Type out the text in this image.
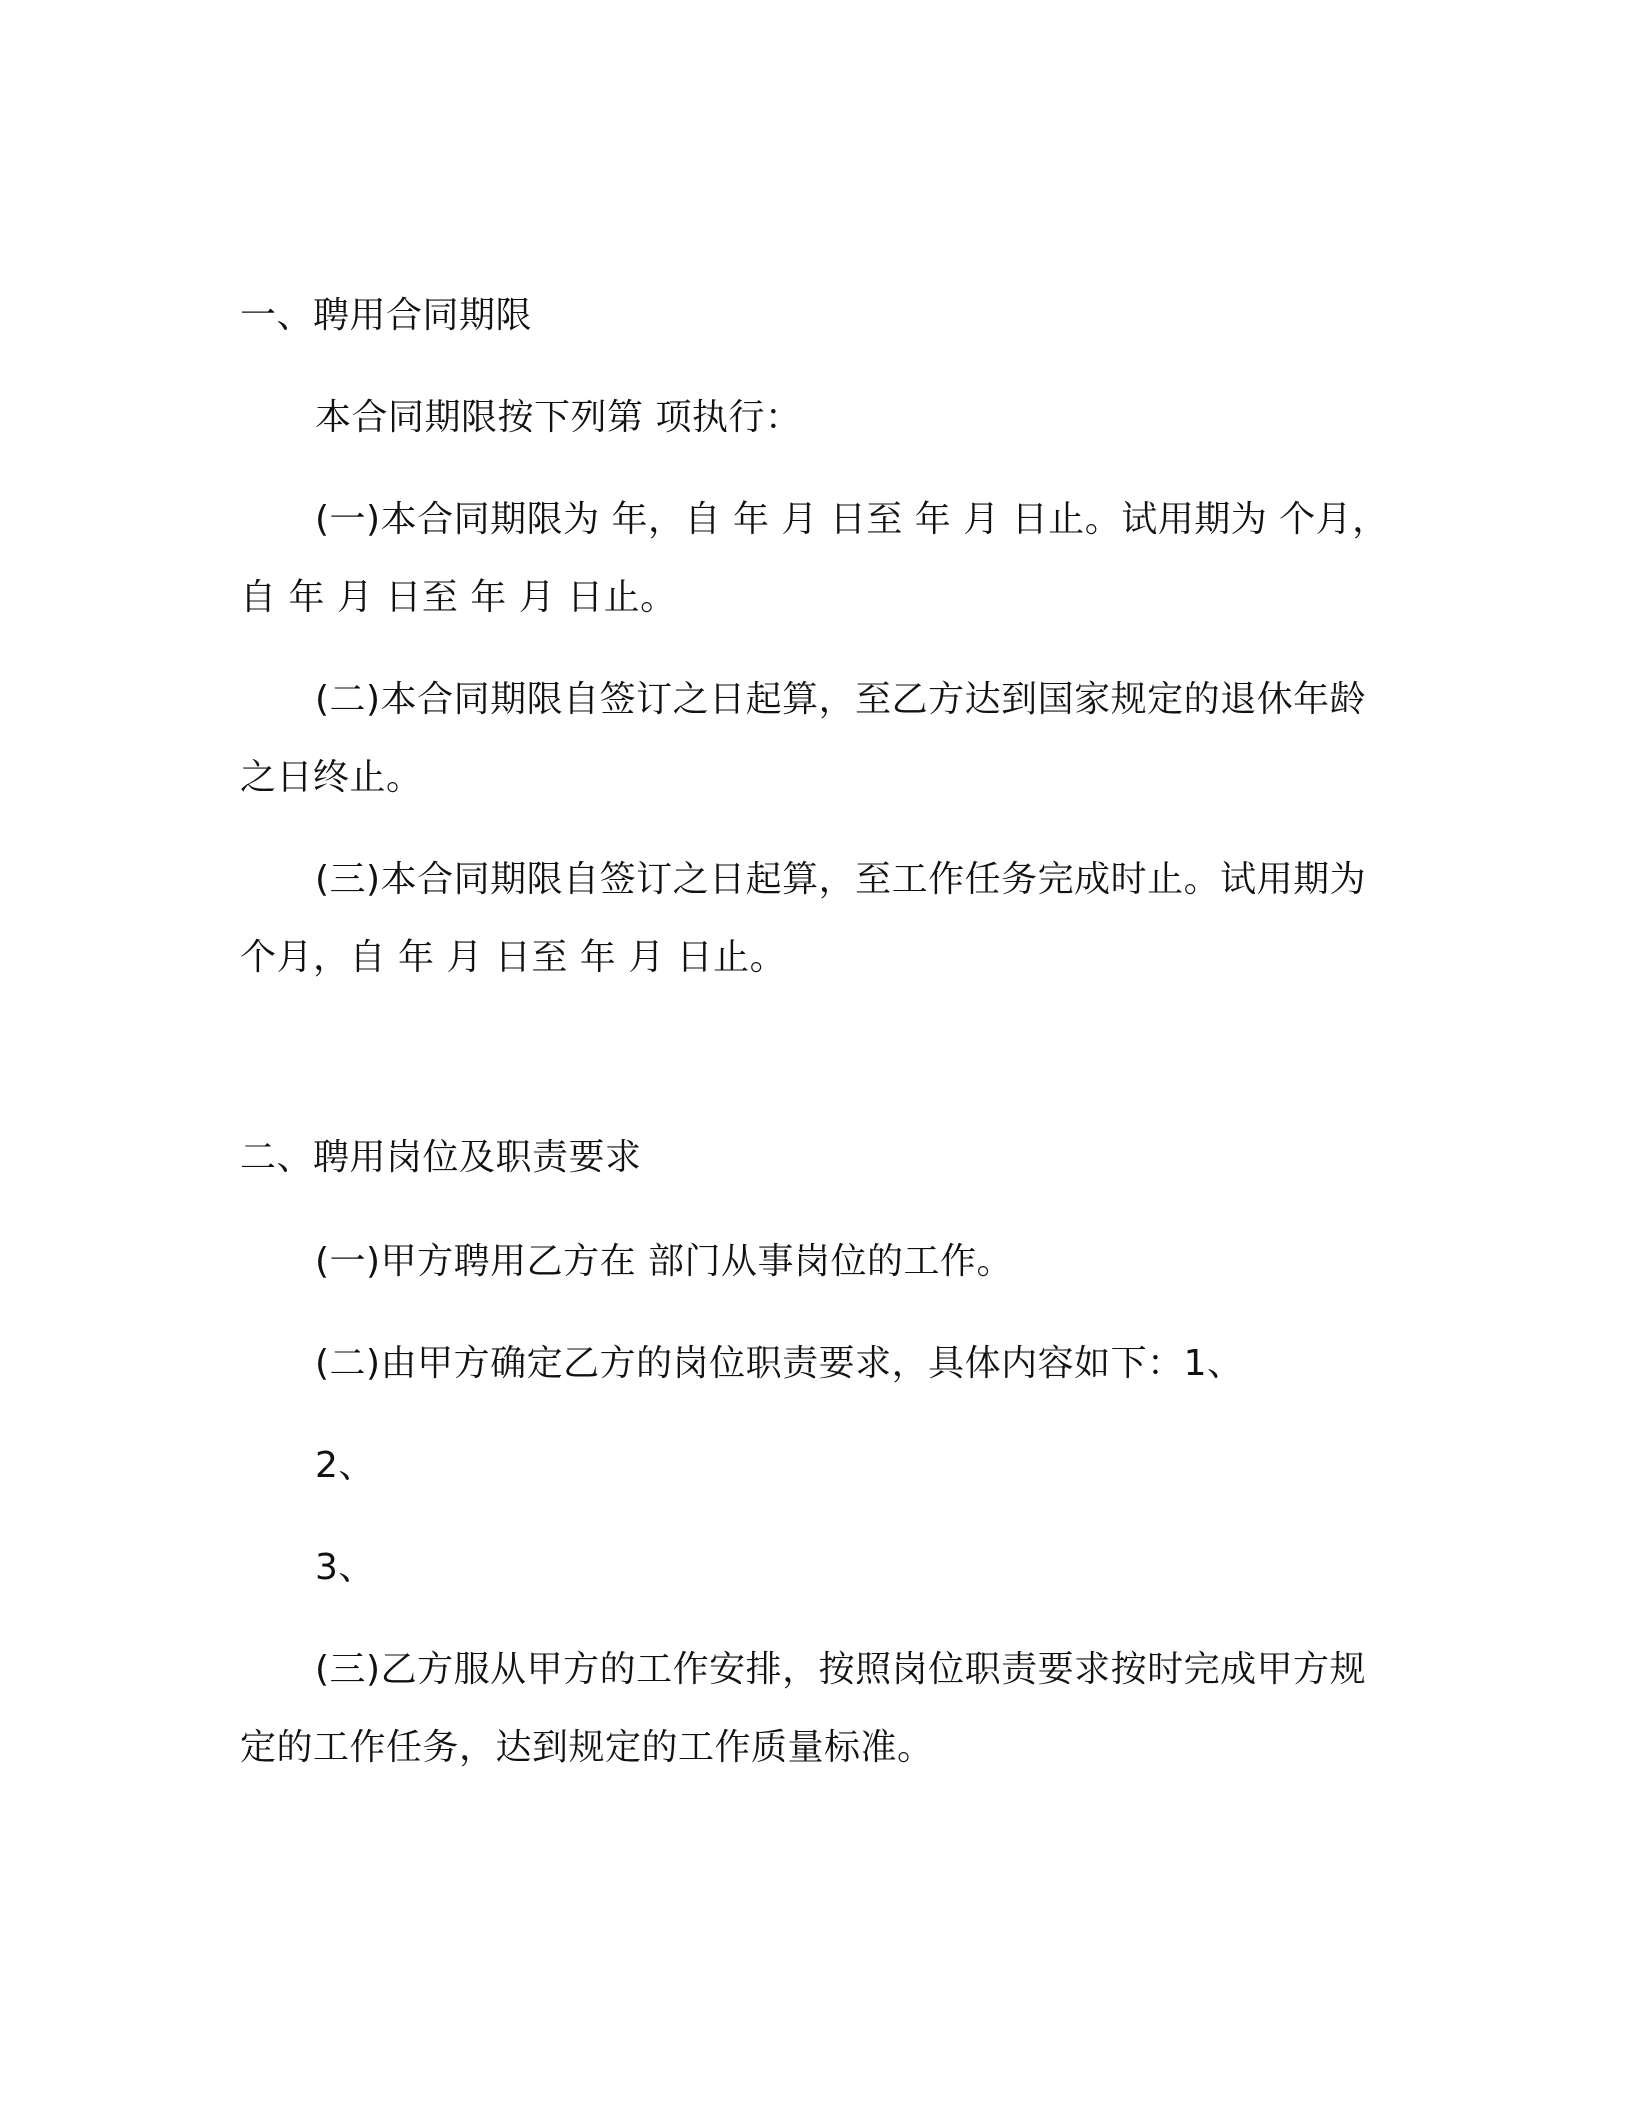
一、聘用合同期限

本合同期限按下列第 项执行：

(一)本合同期限为 年，自 年 月 日至 年 月 日止。试用期为 个月，

自 年 月 日至 年 月 日止。

(二)本合同期限自签订之日起算，至乙方达到国家规定的退休年龄

之日终止。

(三)本合同期限自签订之日起算，至工作任务完成时止。试用期为

个月，自 年 月 日至 年 月 日止。

二、聘用岗位及职责要求

(一)甲方聘用乙方在 部门从事岗位的工作。

(二)由甲方确定乙方的岗位职责要求，具体内容如下：1、

2、

3、

(三)乙方服从甲方的工作安排，按照岗位职责要求按时完成甲方规

定的工作任务，达到规定的工作质量标准。
